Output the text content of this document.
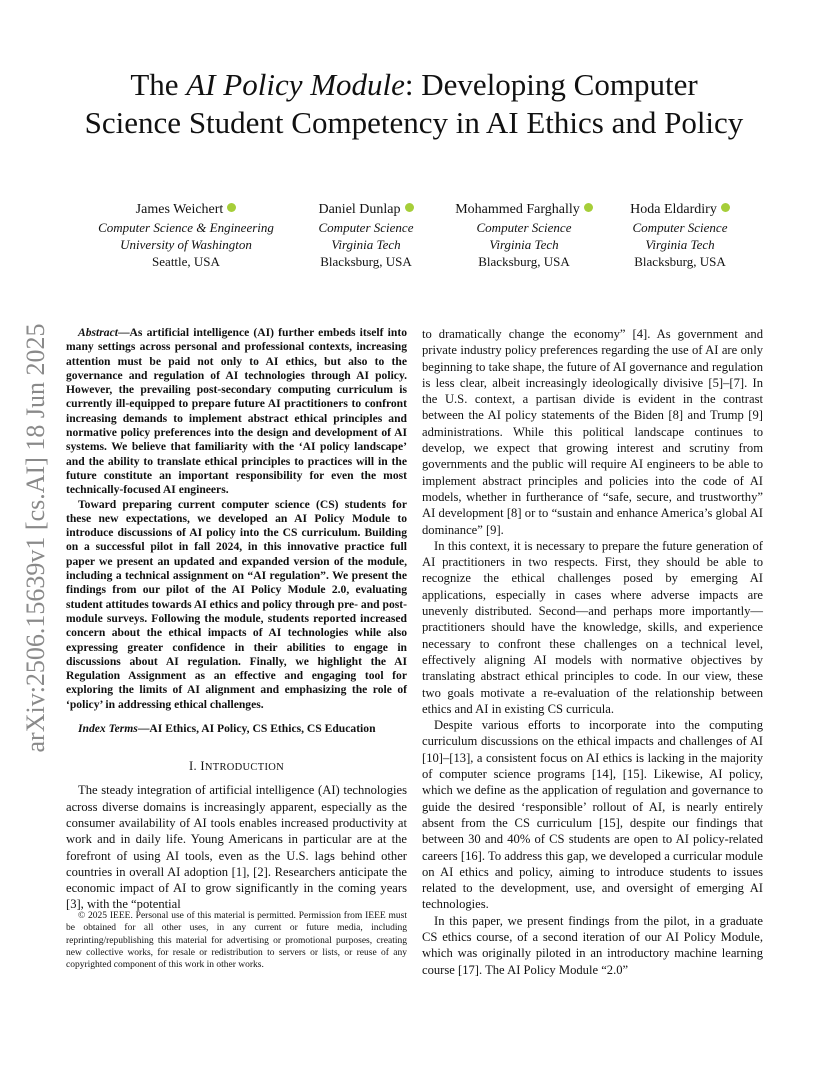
The AI Policy Module: Developing Computer Science Student Competency in AI Ethics and Policy
James Weichert
Computer Science & Engineering
University of Washington
Seattle, USA
Daniel Dunlap
Computer Science
Virginia Tech
Blacksburg, USA
Mohammed Farghally
Computer Science
Virginia Tech
Blacksburg, USA
Hoda Eldardiry
Computer Science
Virginia Tech
Blacksburg, USA
arXiv:2506.15639v1 [cs.AI] 18 Jun 2025	Abstract—As artificial intelligence (AI) further embeds itself into many settings across personal and professional contexts, increasing attention must be paid not only to AI ethics, but also to the governance and regulation of AI technologies through AI policy. However, the prevailing post-secondary computing curriculum is currently ill-equipped to prepare future AI practitioners to confront increasing demands to implement abstract ethical principles and normative policy preferences into the design and development of AI systems. We believe that familiarity with the ‘AI policy landscape’ and the ability to translate ethical principles to practices will in the future constitute an important responsibility for even the most technically-focused AI engineers.

Toward preparing current computer science (CS) students for these new expectations, we developed an AI Policy Module to introduce discussions of AI policy into the CS curriculum. Building on a successful pilot in fall 2024, in this innovative practice full paper we present an updated and expanded version of the module, including a technical assignment on “AI regulation”. We present the findings from our pilot of the AI Policy Module 2.0, evaluating student attitudes towards AI ethics and policy through pre- and post-module surveys. Following the module, students reported increased concern about the ethical impacts of AI technologies while also expressing greater confidence in their abilities to engage in discussions about AI regulation. Finally, we highlight the AI Regulation Assignment as an effective and engaging tool for exploring the limits of AI alignment and emphasizing the role of ‘policy’ in addressing ethical challenges.

Index Terms—AI Ethics, AI Policy, CS Ethics, CS Education

I. INTRODUCTION

The steady integration of artificial intelligence (AI) technologies across diverse domains is increasingly apparent, especially as the consumer availability of AI tools enables increased productivity at work and in daily life. Young Americans in particular are at the forefront of using AI tools, even as the U.S. lags behind other countries in overall AI adoption [1], [2]. Researchers anticipate the economic impact of AI to grow significantly in the coming years [3], with the “potential

© 2025 IEEE. Personal use of this material is permitted. Permission from IEEE must be obtained for all other uses, in any current or future media, including reprinting/republishing this material for advertising or promotional purposes, creating new collective works, for resale or redistribution to servers or lists, or reuse of any copyrighted component of this work in other works.

to dramatically change the economy” [4]. As government and private industry policy preferences regarding the use of AI are only beginning to take shape, the future of AI governance and regulation is less clear, albeit increasingly ideologically divisive [5]–[7]. In the U.S. context, a partisan divide is evident in the contrast between the AI policy statements of the Biden [8] and Trump [9] administrations. While this political landscape continues to develop, we expect that growing interest and scrutiny from governments and the public will require AI engineers to be able to implement abstract principles and policies into the code of AI models, whether in furtherance of “safe, secure, and trustworthy” AI development [8] or to “sustain and enhance America’s global AI dominance” [9].

In this context, it is necessary to prepare the future generation of AI practitioners in two respects. First, they should be able to recognize the ethical challenges posed by emerging AI applications, especially in cases where adverse impacts are unevenly distributed. Second—and perhaps more importantly—practitioners should have the knowledge, skills, and experience necessary to confront these challenges on a technical level, effectively aligning AI models with normative objectives by translating abstract ethical principles to code. In our view, these two goals motivate a re-evaluation of the relationship between ethics and AI in existing CS curricula.

Despite various efforts to incorporate into the computing curriculum discussions on the ethical impacts and challenges of AI [10]–[13], a consistent focus on AI ethics is lacking in the majority of computer science programs [14], [15]. Likewise, AI policy, which we define as the application of regulation and governance to guide the desired ‘responsible’ rollout of AI, is nearly entirely absent from the CS curriculum [15], despite our findings that between 30 and 40% of CS students are open to AI policy-related careers [16]. To address this gap, we developed a curricular module on AI ethics and policy, aiming to introduce students to issues related to the development, use, and oversight of emerging AI technologies.

In this paper, we present findings from the pilot, in a graduate CS ethics course, of a second iteration of our AI Policy Module, which was originally piloted in an introductory machine learning course [17]. The AI Policy Module “2.0”
